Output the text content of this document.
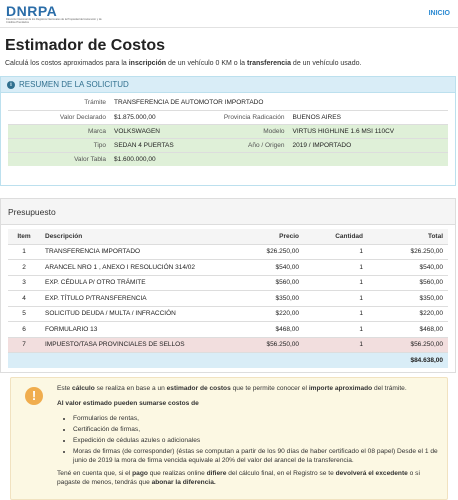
DNRPA
Dirección Nacional de los Registros Nacionales de la Propiedad del Automotor y de Créditos Prendarios
INICIO
Estimador de Costos

Calculá los costos aproximados para la inscripción de un vehículo 0 KM o la transferencia de un vehículo usado.

i RESUMEN DE LA SOLICITUD
Trámite	TRANSFERENCIA DE AUTOMOTOR IMPORTADO		
Valor Declarado	$1.875.000,00	Provincia Radicación	BUENOS AIRES
Marca	VOLKSWAGEN	Modelo	VIRTUS HIGHLINE 1.6 MSI 110CV
Tipo	SEDAN 4 PUERTAS	Año / Origen	2019 / IMPORTADO
Valor Tabla	$1.600.000,00		
Presupuesto
Item	Descripción	Precio	Cantidad	Total
1	TRANSFERENCIA IMPORTADO	$26.250,00	1	$26.250,00
2	ARANCEL NRO 1 , ANEXO I RESOLUCIÓN 314/02	$540,00	1	$540,00
3	EXP. CÉDULA P/ OTRO TRÁMITE	$560,00	1	$560,00
4	EXP. TÍTULO P/TRANSFERENCIA	$350,00	1	$350,00
5	SOLICITUD DEUDA / MULTA / INFRACCIÓN	$220,00	1	$220,00
6	FORMULARIO 13	$468,00	1	$468,00
7	IMPUESTO/TASA PROVINCIALES DE SELLOS	$56.250,00	1	$56.250,00
				$84.638,00
!	Este cálculo se realiza en base a un estimador de costos que te permite conocer el importe aproximado del trámite.

Al valor estimado pueden sumarse costos de

• Formularios de rentas,
• Certificación de firmas,
• Expedición de cédulas azules o adicionales
• Moras de firmas (de corresponder) (éstas se computan a partir de los 90 días de haber certificado el 08 papel) Desde el 1 de junio de 2019 la mora de firma vencida equivale al 20% del valor del arancel de la transferencia.

Tené en cuenta que, si el pago que realizas online difiere del cálculo final, en el Registro se te devolverá el excedente o si pagaste de menos, tendrás que abonar la diferencia.
